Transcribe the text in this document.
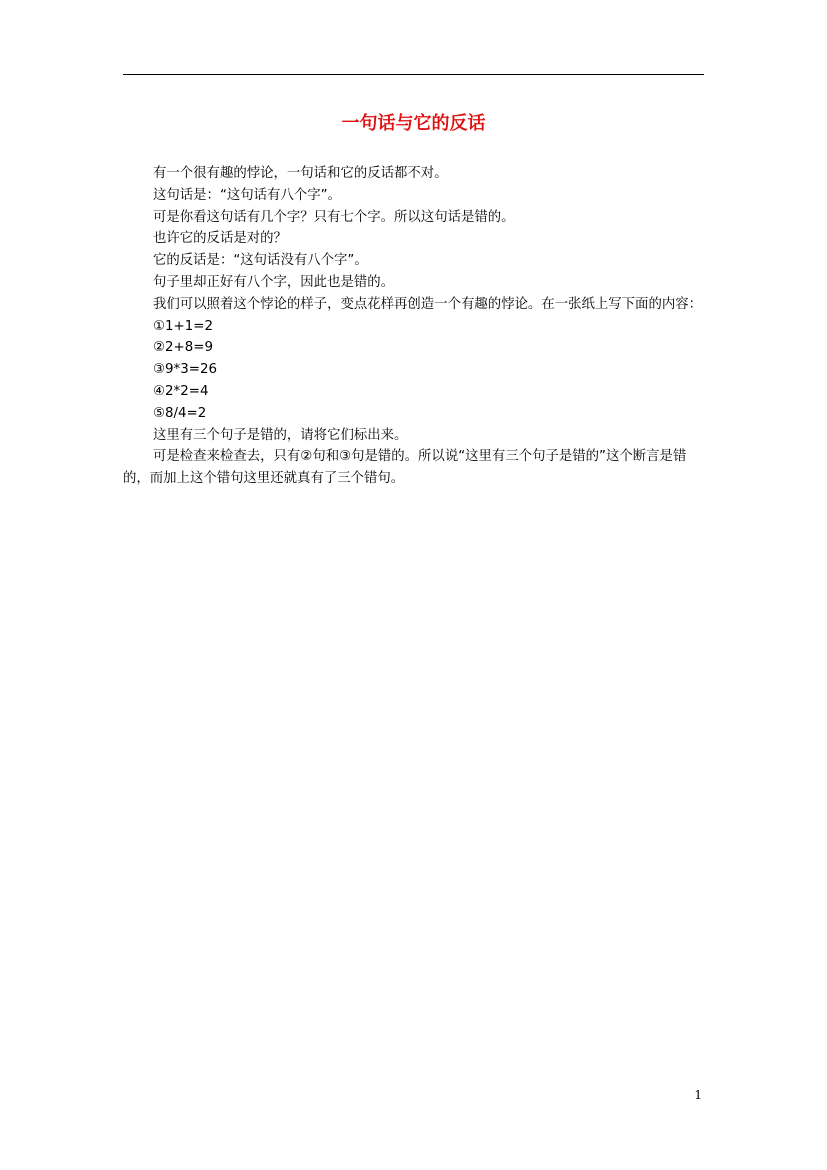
一句话与它的反话

有一个很有趣的悖论，一句话和它的反话都不对。

这句话是：“这句话有八个字”。

可是你看这句话有几个字？只有七个字。所以这句话是错的。

也许它的反话是对的？

它的反话是：“这句话没有八个字”。

句子里却正好有八个字，因此也是错的。

我们可以照着这个悖论的样子，变点花样再创造一个有趣的悖论。在一张纸上写下面的内容：

①1+1=2

②2+8=9

③9*3=26

④2*2=4

⑤8/4=2

这里有三个句子是错的，请将它们标出来。

可是检查来检查去，只有②句和③句是错的。所以说“这里有三个句子是错的”这个断言是错的，而加上这个错句这里还就真有了三个错句。

1
